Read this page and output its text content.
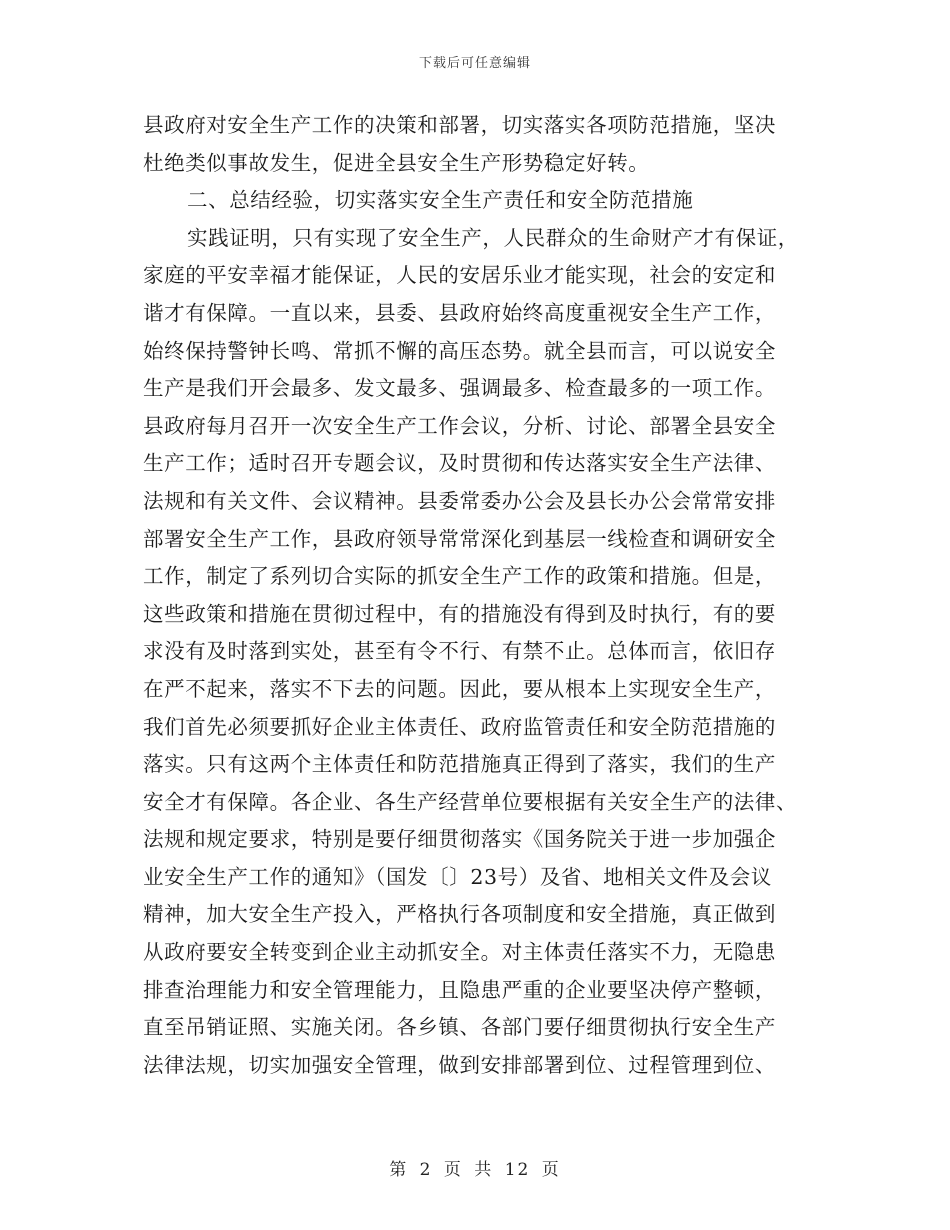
下载后可任意编辑
县政府对安全生产工作的决策和部署，切实落实各项防范措施，坚决
杜绝类似事故发生，促进全县安全生产形势稳定好转。
二、总结经验，切实落实安全生产责任和安全防范措施
实践证明，只有实现了安全生产，人民群众的生命财产才有保证，
家庭的平安幸福才能保证，人民的安居乐业才能实现，社会的安定和
谐才有保障。一直以来，县委、县政府始终高度重视安全生产工作，
始终保持警钟长鸣、常抓不懈的高压态势。就全县而言，可以说安全
生产是我们开会最多、发文最多、强调最多、检查最多的一项工作。
县政府每月召开一次安全生产工作会议，分析、讨论、部署全县安全
生产工作；适时召开专题会议，及时贯彻和传达落实安全生产法律、
法规和有关文件、会议精神。县委常委办公会及县长办公会常常安排
部署安全生产工作，县政府领导常常深化到基层一线检查和调研安全
工作，制定了系列切合实际的抓安全生产工作的政策和措施。但是，
这些政策和措施在贯彻过程中，有的措施没有得到及时执行，有的要
求没有及时落到实处，甚至有令不行、有禁不止。总体而言，依旧存
在严不起来，落实不下去的问题。因此，要从根本上实现安全生产，
我们首先必须要抓好企业主体责任、政府监管责任和安全防范措施的
落实。只有这两个主体责任和防范措施真正得到了落实，我们的生产
安全才有保障。各企业、各生产经营单位要根据有关安全生产的法律、
法规和规定要求，特别是要仔细贯彻落实《国务院关于进一步加强企
业安全生产工作的通知》（国发〔〕23号）及省、地相关文件及会议
精神，加大安全生产投入，严格执行各项制度和安全措施，真正做到
从政府要安全转变到企业主动抓安全。对主体责任落实不力，无隐患
排查治理能力和安全管理能力，且隐患严重的企业要坚决停产整顿，
直至吊销证照、实施关闭。各乡镇、各部门要仔细贯彻执行安全生产
法律法规，切实加强安全管理，做到安排部署到位、过程管理到位、
第 2 页 共 12 页
